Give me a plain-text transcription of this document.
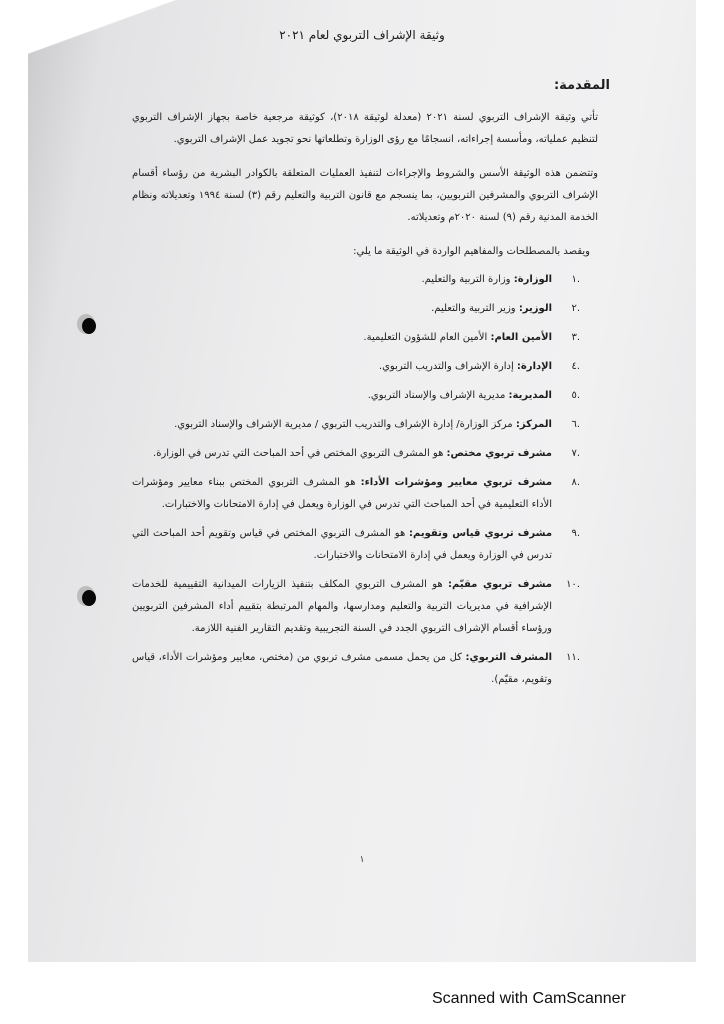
وثيقة الإشراف التربوي لعام ٢٠٢١
المقدمة:

تأتي وثيقة الإشراف التربوي لسنة ٢٠٢١ (معدلة لوثيقة ٢٠١٨)، كوثيقة مرجعية خاصة بجهاز الإشراف التربوي لتنظيم عملياته، ومأسسة إجراءاته، انسجامًا مع رؤى الوزارة وتطلعاتها نحو تجويد عمل الإشراف التربوي.

وتتضمن هذه الوثيقة الأسس والشروط والإجراءات لتنفيذ العمليات المتعلقة بالكوادر البشرية من رؤساء أقسام الإشراف التربوي والمشرفين التربويين، بما ينسجم مع قانون التربية والتعليم رقم (٣) لسنة ١٩٩٤ وتعديلاته ونظام الخدمة المدنية رقم (٩) لسنة ٢٠٢٠م وتعديلاته.

ويقصد بالمصطلحات والمفاهيم الواردة في الوثيقة ما يلي:

.١
الوزارة: وزارة التربية والتعليم.
.٢
الوزير: وزير التربية والتعليم.
.٣
الأمين العام: الأمين العام للشؤون التعليمية.
.٤
الإدارة: إدارة الإشراف والتدريب التربوي.
.٥
المديرية: مديرية الإشراف والإسناد التربوي.
.٦
المركز: مركز الوزارة/ إدارة الإشراف والتدريب التربوي / مديرية الإشراف والإسناد التربوي.
.٧
مشرف تربوي مختص: هو المشرف التربوي المختص في أحد المباحث التي تدرس في الوزارة.
.٨
مشرف تربوي معايير ومؤشرات الأداء: هو المشرف التربوي المختص ببناء معايير ومؤشرات الأداء التعليمية في أحد المباحث التي تدرس في الوزارة ويعمل في إدارة الامتحانات والاختبارات.
.٩
مشرف تربوي قياس وتقويم: هو المشرف التربوي المختص في قياس وتقويم أحد المباحث التي تدرس في الوزارة ويعمل في إدارة الامتحانات والاختبارات.
.١٠
مشرف تربوي مقيّم: هو المشرف التربوي المكلف بتنفيذ الزيارات الميدانية التقييمية للخدمات الإشرافية في مديريات التربية والتعليم ومدارسها، والمهام المرتبطة بتقييم أداء المشرفين التربويين ورؤساء أقسام الإشراف التربوي الجدد في السنة التجريبية وتقديم التقارير الفنية اللازمة.
.١١
المشرف التربوي: كل من يحمل مسمى مشرف تربوي من (مختص، معايير ومؤشرات الأداء، قياس وتقويم، مقيّم).
١
Scanned with CamScanner
